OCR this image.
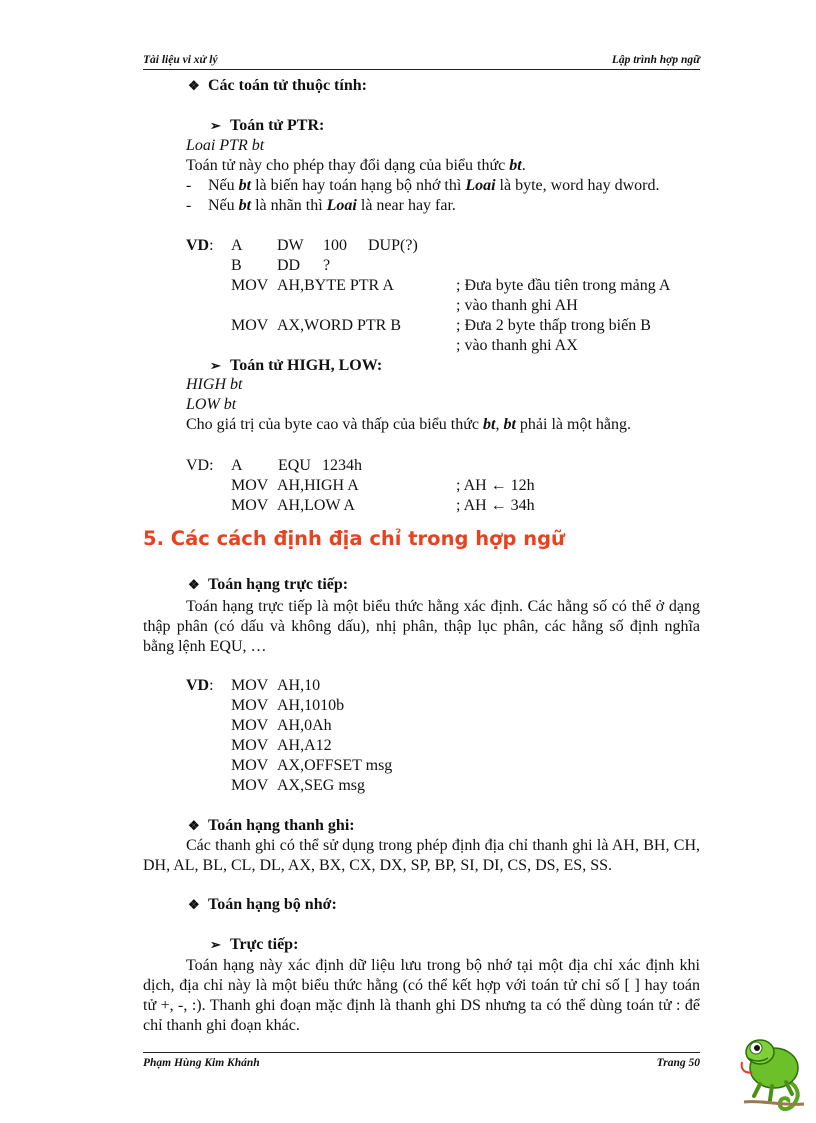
Tài liệu vi xử lý	Lập trình hợp ngữ
❖ Các toán tử thuộc tính:
➢ Toán tử PTR:
Loai PTR bt
Toán tử này cho phép thay đổi dạng của biểu thức bt.
- Nếu bt là biến hay toán hạng bộ nhớ thì Loai là byte, word hay dword.
- Nếu bt là nhãn thì Loai là near hay far.
VD: A DW 100 DUP(?)
B DD ?
MOV AH,BYTE PTR A	; Đưa byte đầu tiên trong mảng A
; vào thanh ghi AH
MOV AX,WORD PTR B	; Đưa 2 byte thấp trong biến B
; vào thanh ghi AX
➢ Toán tử HIGH, LOW:
HIGH bt
LOW bt
Cho giá trị của byte cao và thấp của biểu thức bt, bt phải là một hằng.
VD: A EQU 1234h
MOV AH,HIGH A	; AH ← 12h
MOV AH,LOW A	; AH ← 34h
5. Các cách định địa chỉ trong hợp ngữ
❖ Toán hạng trực tiếp:
Toán hạng trực tiếp là một biểu thức hằng xác định. Các hằng số có thể ở dạng thập phân (có dấu và không dấu), nhị phân, thập lục phân, các hằng số định nghĩa bằng lệnh EQU, …
VD: MOV AH,10
MOV AH,1010b
MOV AH,0Ah
MOV AH,A12
MOV AX,OFFSET msg
MOV AX,SEG msg
❖ Toán hạng thanh ghi:
Các thanh ghi có thể sử dụng trong phép định địa chỉ thanh ghi là AH, BH, CH, DH, AL, BL, CL, DL, AX, BX, CX, DX, SP, BP, SI, DI, CS, DS, ES, SS.
❖ Toán hạng bộ nhớ:
➢ Trực tiếp:
Toán hạng này xác định dữ liệu lưu trong bộ nhớ tại một địa chỉ xác định khi dịch, địa chỉ này là một biểu thức hằng (có thể kết hợp với toán tử chỉ số [ ] hay toán tử +, -, :). Thanh ghi đoạn mặc định là thanh ghi DS nhưng ta có thể dùng toán tử : để chỉ thanh ghi đoạn khác.
Phạm Hùng Kim Khánh	Trang 50
